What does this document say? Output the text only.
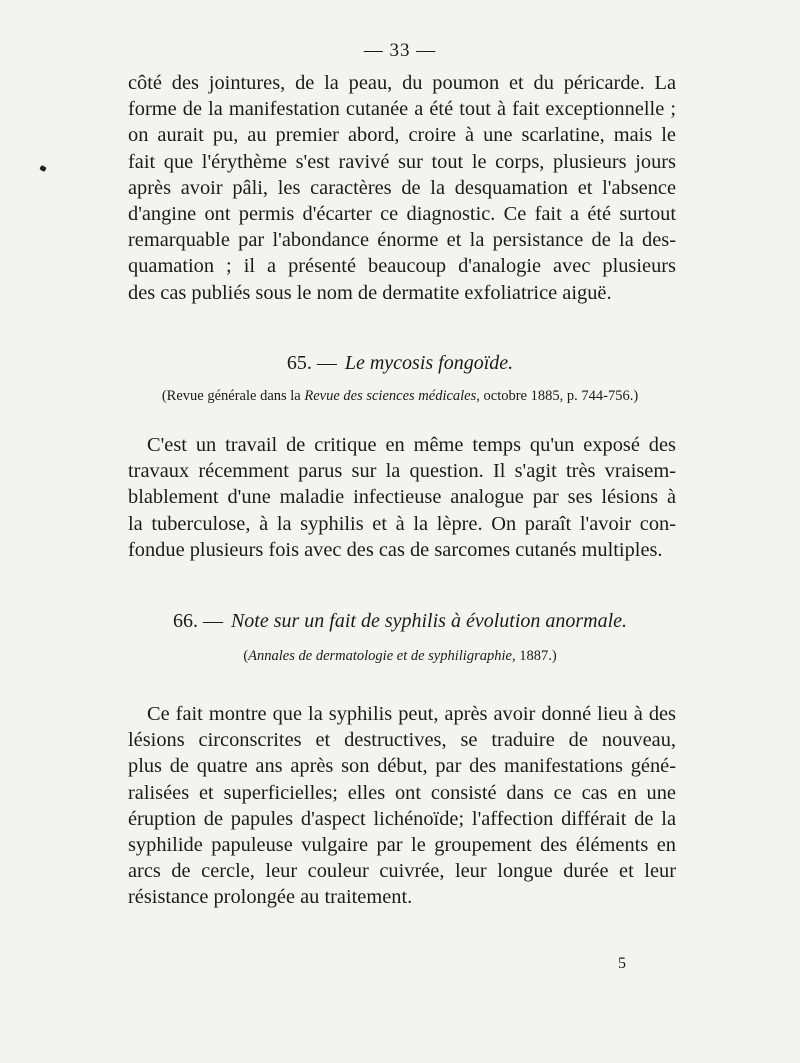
— 33 —

côté des jointures, de la peau, du poumon et du péricarde. La
forme de la manifestation cutanée a été tout à fait exceptionnelle ;
on aurait pu, au premier abord, croire à une scarlatine, mais le
fait que l'érythème s'est ravivé sur tout le corps, plusieurs jours
après avoir pâli, les caractères de la desquamation et l'absence
d'angine ont permis d'écarter ce diagnostic. Ce fait a été surtout
remarquable par l'abondance énorme et la persistance de la des-
quamation ; il a présenté beaucoup d'analogie avec plusieurs
des cas publiés sous le nom de dermatite exfoliatrice aiguë.

65. — Le mycosis fongoïde.
(Revue générale dans la Revue des sciences médicales, octobre 1885, p. 744-756.)

C'est un travail de critique en même temps qu'un exposé des
travaux récemment parus sur la question. Il s'agit très vraisem-
blablement d'une maladie infectieuse analogue par ses lésions à
la tuberculose, à la syphilis et à la lèpre. On paraît l'avoir con-
fondue plusieurs fois avec des cas de sarcomes cutanés multiples.

66. — Note sur un fait de syphilis à évolution anormale.
(Annales de dermatologie et de syphiligraphie, 1887.)

Ce fait montre que la syphilis peut, après avoir donné lieu à des
lésions circonscrites et destructives, se traduire de nouveau,
plus de quatre ans après son début, par des manifestations géné-
ralisées et superficielles; elles ont consisté dans ce cas en une
éruption de papules d'aspect lichénoïde; l'affection différait de la
syphilide papuleuse vulgaire par le groupement des éléments en
arcs de cercle, leur couleur cuivrée, leur longue durée et leur
résistance prolongée au traitement.

5
